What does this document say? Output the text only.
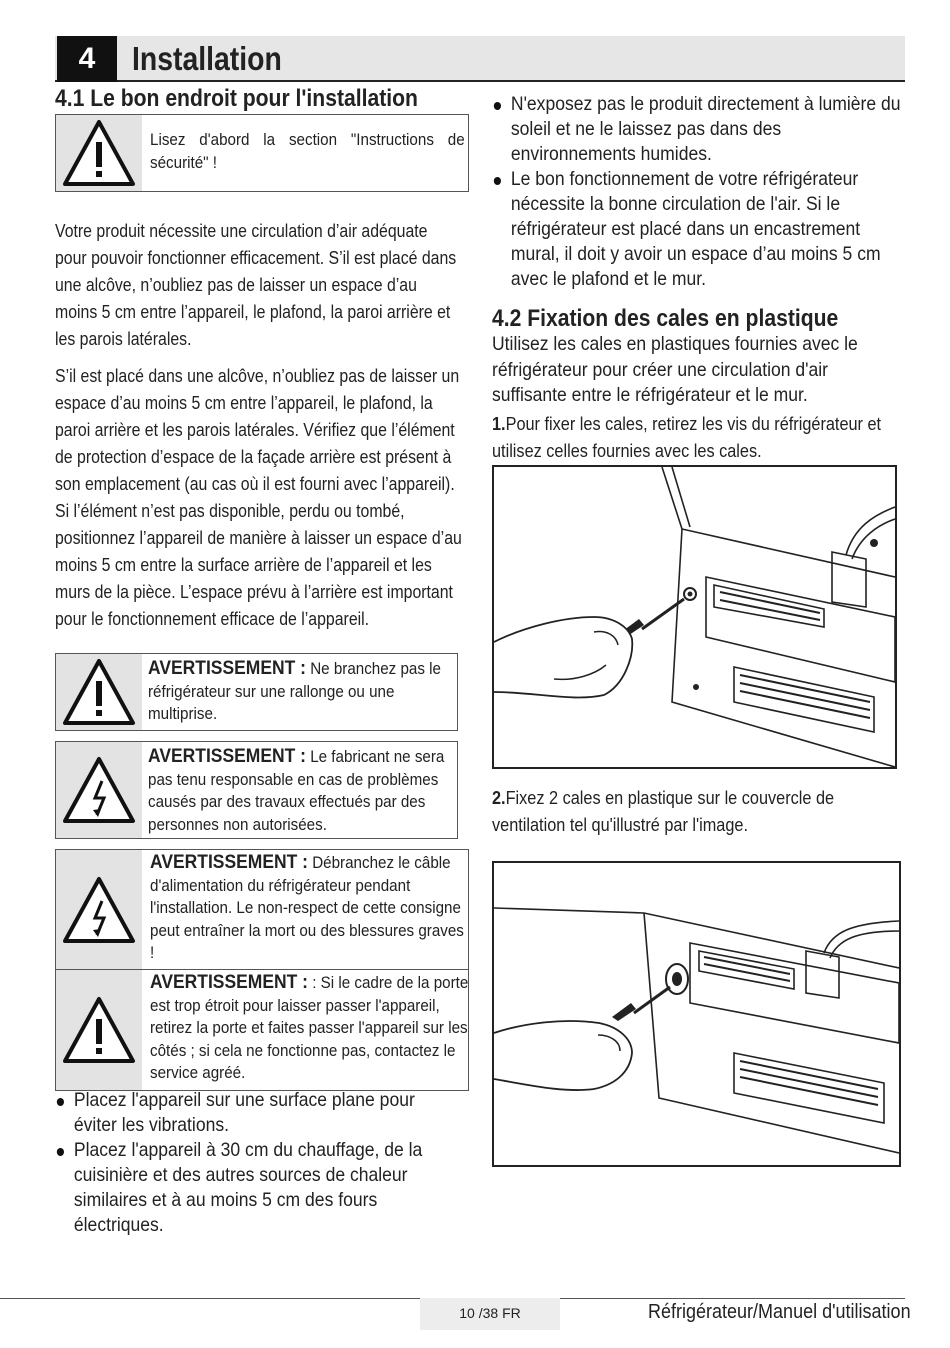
4	Installation
4.1 Le bon endroit pour l'installation
Lisez d'abord la section "Instructions de sécurité" !

Votre produit nécessite une circulation d’air adéquate pour pouvoir fonctionner efficacement. S’il est placé dans une alcôve, n’oubliez pas de laisser un espace d’au moins 5 cm entre l’appareil, le plafond, la paroi arrière et les parois latérales.

S’il est placé dans une alcôve, n’oubliez pas de laisser un espace d’au moins 5 cm entre l’appareil, le plafond, la paroi arrière et les parois latérales. Vérifiez que l’élément de protection d’espace de la façade arrière est présent à son emplacement (au cas où il est fourni avec l’appareil). Si l’élément n’est pas disponible, perdu ou tombé, positionnez l’appareil de manière à laisser un espace d’au moins 5 cm entre la surface arrière de l’appareil et les murs de la pièce. L’espace prévu à l’arrière est important pour le fonctionnement efficace de l’appareil.

AVERTISSEMENT : Ne branchez pas le réfrigérateur sur une rallonge ou une multiprise.
AVERTISSEMENT : Le fabricant ne sera pas tenu responsable en cas de problèmes causés par des travaux effectués par des personnes non autorisées.
AVERTISSEMENT : Débranchez le câble d'alimentation du réfrigérateur pendant l'installation. Le non-respect de cette consigne peut entraîner la mort ou des blessures graves !
AVERTISSEMENT : : Si le cadre de la porte est trop étroit pour laisser passer l'appareil, retirez la porte et faites passer l'appareil sur les côtés ; si cela ne fonctionne pas, contactez le service agréé.
Placez l'appareil sur une surface plane pour éviter les vibrations.
Placez l'appareil à 30 cm du chauffage, de la cuisinière et des autres sources de chaleur similaires et à au moins 5 cm des fours électriques.
N'exposez pas le produit directement à lumière du soleil et ne le laissez pas dans des environnements humides.
Le bon fonctionnement de votre réfrigérateur nécessite la bonne circulation de l'air. Si le réfrigérateur est placé dans un encastrement mural, il doit y avoir un espace d’au moins 5 cm avec le plafond et le mur.
4.2 Fixation des cales en plastique
Utilisez les cales en plastiques fournies avec le réfrigérateur pour créer une circulation d'air suffisante entre le réfrigérateur et le mur.
1.Pour fixer les cales, retirez les vis du réfrigérateur et utilisez celles fournies avec les cales.
2.Fixez 2 cales en plastique sur le couvercle de ventilation tel qu'illustré par l'image.
10 /38 FR	Réfrigérateur/Manuel d'utilisation
